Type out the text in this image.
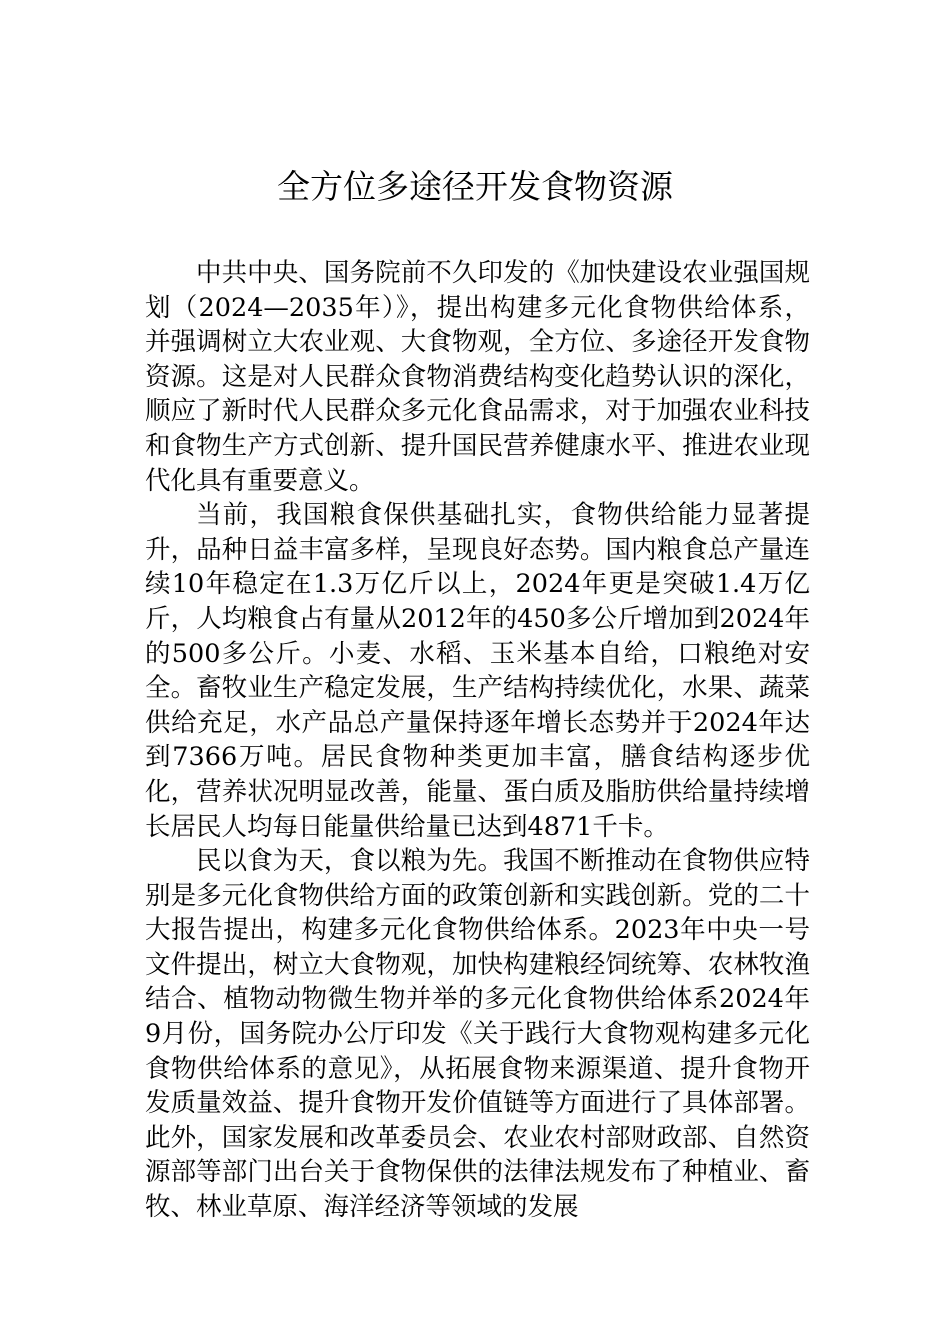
全方位多途径开发食物资源

中共中央、国务院前不久印发的《加快建设农业强国规划（2024—2035年）》，提出构建多元化食物供给体系，并强调树立大农业观、大食物观，全方位、多途径开发食物资源。这是对人民群众食物消费结构变化趋势认识的深化，顺应了新时代人民群众多元化食品需求，对于加强农业科技和食物生产方式创新、提升国民营养健康水平、推进农业现代化具有重要意义。

当前，我国粮食保供基础扎实，食物供给能力显著提升，品种日益丰富多样，呈现良好态势。国内粮食总产量连续10年稳定在1.3万亿斤以上，2024年更是突破1.4万亿斤，人均粮食占有量从2012年的450多公斤增加到2024年的500多公斤。小麦、水稻、玉米基本自给，口粮绝对安全。畜牧业生产稳定发展，生产结构持续优化，水果、蔬菜供给充足，水产品总产量保持逐年增长态势并于2024年达到7366万吨。居民食物种类更加丰富，膳食结构逐步优化，营养状况明显改善，能量、蛋白质及脂肪供给量持续增长居民人均每日能量供给量已达到4871千卡。

民以食为天，食以粮为先。我国不断推动在食物供应特别是多元化食物供给方面的政策创新和实践创新。党的二十大报告提出，构建多元化食物供给体系。2023年中央一号文件提出，树立大食物观，加快构建粮经饲统筹、农林牧渔结合、植物动物微生物并举的多元化食物供给体系2024年9月份，国务院办公厅印发《关于践行大食物观构建多元化食物供给体系的意见》，从拓展食物来源渠道、提升食物开发质量效益、提升食物开发价值链等方面进行了具体部署。此外，国家发展和改革委员会、农业农村部财政部、自然资源部等部门出台关于食物保供的法律法规发布了种植业、畜牧、林业草原、海洋经济等领域的发展
